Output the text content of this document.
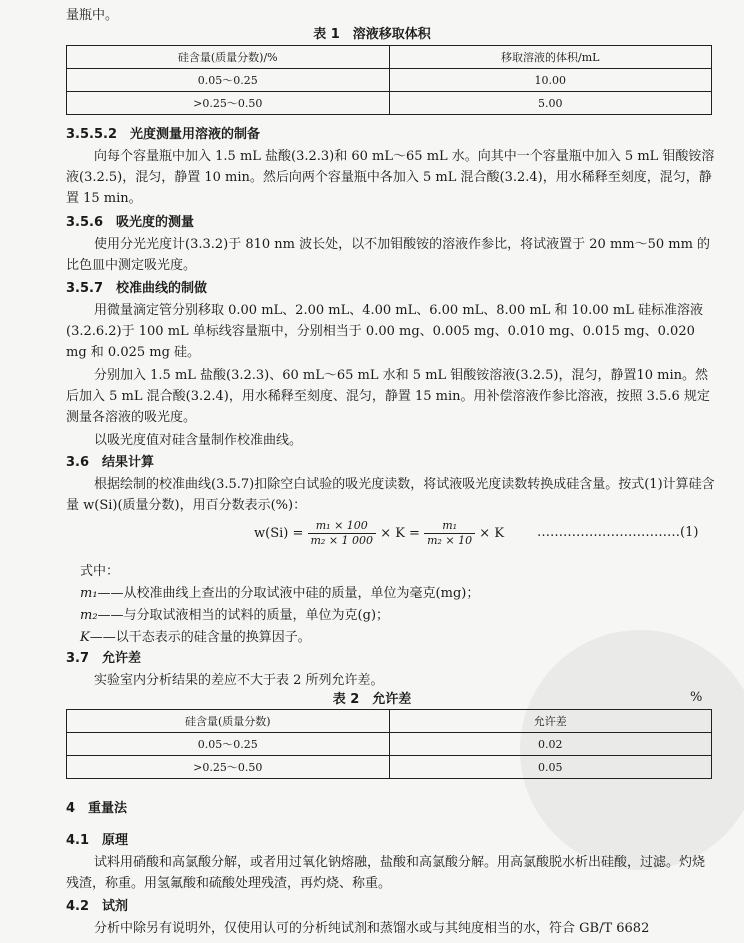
量瓶中。
表 1　溶液移取体积
硅含量(质量分数)/%	移取溶液的体积/mL
0.05～0.25	10.00
>0.25～0.50	5.00
3.5.5.2　光度测量用溶液的制备
向每个容量瓶中加入 1.5 mL 盐酸(3.2.3)和 60 mL～65 mL 水。向其中一个容量瓶中加入 5 mL 钼酸铵溶液(3.2.5)，混匀，静置 10 min。然后向两个容量瓶中各加入 5 mL 混合酸(3.2.4)，用水稀释至刻度，混匀，静置 15 min。
3.5.6　吸光度的测量
使用分光光度计(3.3.2)于 810 nm 波长处，以不加钼酸铵的溶液作参比，将试液置于 20 mm～50 mm 的比色皿中测定吸光度。
3.5.7　校准曲线的制做
用微量滴定管分别移取 0.00 mL、2.00 mL、4.00 mL、6.00 mL、8.00 mL 和 10.00 mL 硅标准溶液(3.2.6.2)于 100 mL 单标线容量瓶中，分别相当于 0.00 mg、0.005 mg、0.010 mg、0.015 mg、0.020 mg 和 0.025 mg 硅。
分别加入 1.5 mL 盐酸(3.2.3)、60 mL～65 mL 水和 5 mL 钼酸铵溶液(3.2.5)，混匀，静置10 min。然后加入 5 mL 混合酸(3.2.4)，用水稀释至刻度、混匀，静置 15 min。用补偿溶液作参比溶液，按照 3.5.6 规定测量各溶液的吸光度。
以吸光度值对硅含量制作校准曲线。
3.6　结果计算
根据绘制的校准曲线(3.5.7)扣除空白试验的吸光度读数，将试液吸光度读数转换成硅含量。按式(1)计算硅含量 w(Si)(质量分数)，用百分数表示(%)：
$w(Si) = \frac{\text{m₁ × 100}}{\text{m₂ × 1 000}} \times K = \frac{\text{m₁}}{\text{m₂ × 10}} \times K$	……………………………(1)
式中：
m₁——从校准曲线上查出的分取试液中硅的质量，单位为毫克(mg)；
m₂——与分取试液相当的试料的质量，单位为克(g)；
K——以干态表示的硅含量的换算因子。
3.7　允许差
实验室内分析结果的差应不大于表 2 所列允许差。
表 2　允许差	%
硅含量(质量分数)	允许差
0.05～0.25	0.02
>0.25～0.50	0.05
4　重量法
4.1　原理
试料用硝酸和高氯酸分解，或者用过氧化钠熔融，盐酸和高氯酸分解。用高氯酸脱水析出硅酸，过滤。灼烧残渣，称重。用氢氟酸和硫酸处理残渣，再灼烧、称重。
4.2　试剂
分析中除另有说明外，仅使用认可的分析纯试剂和蒸馏水或与其纯度相当的水，符合 GB/T 6682
